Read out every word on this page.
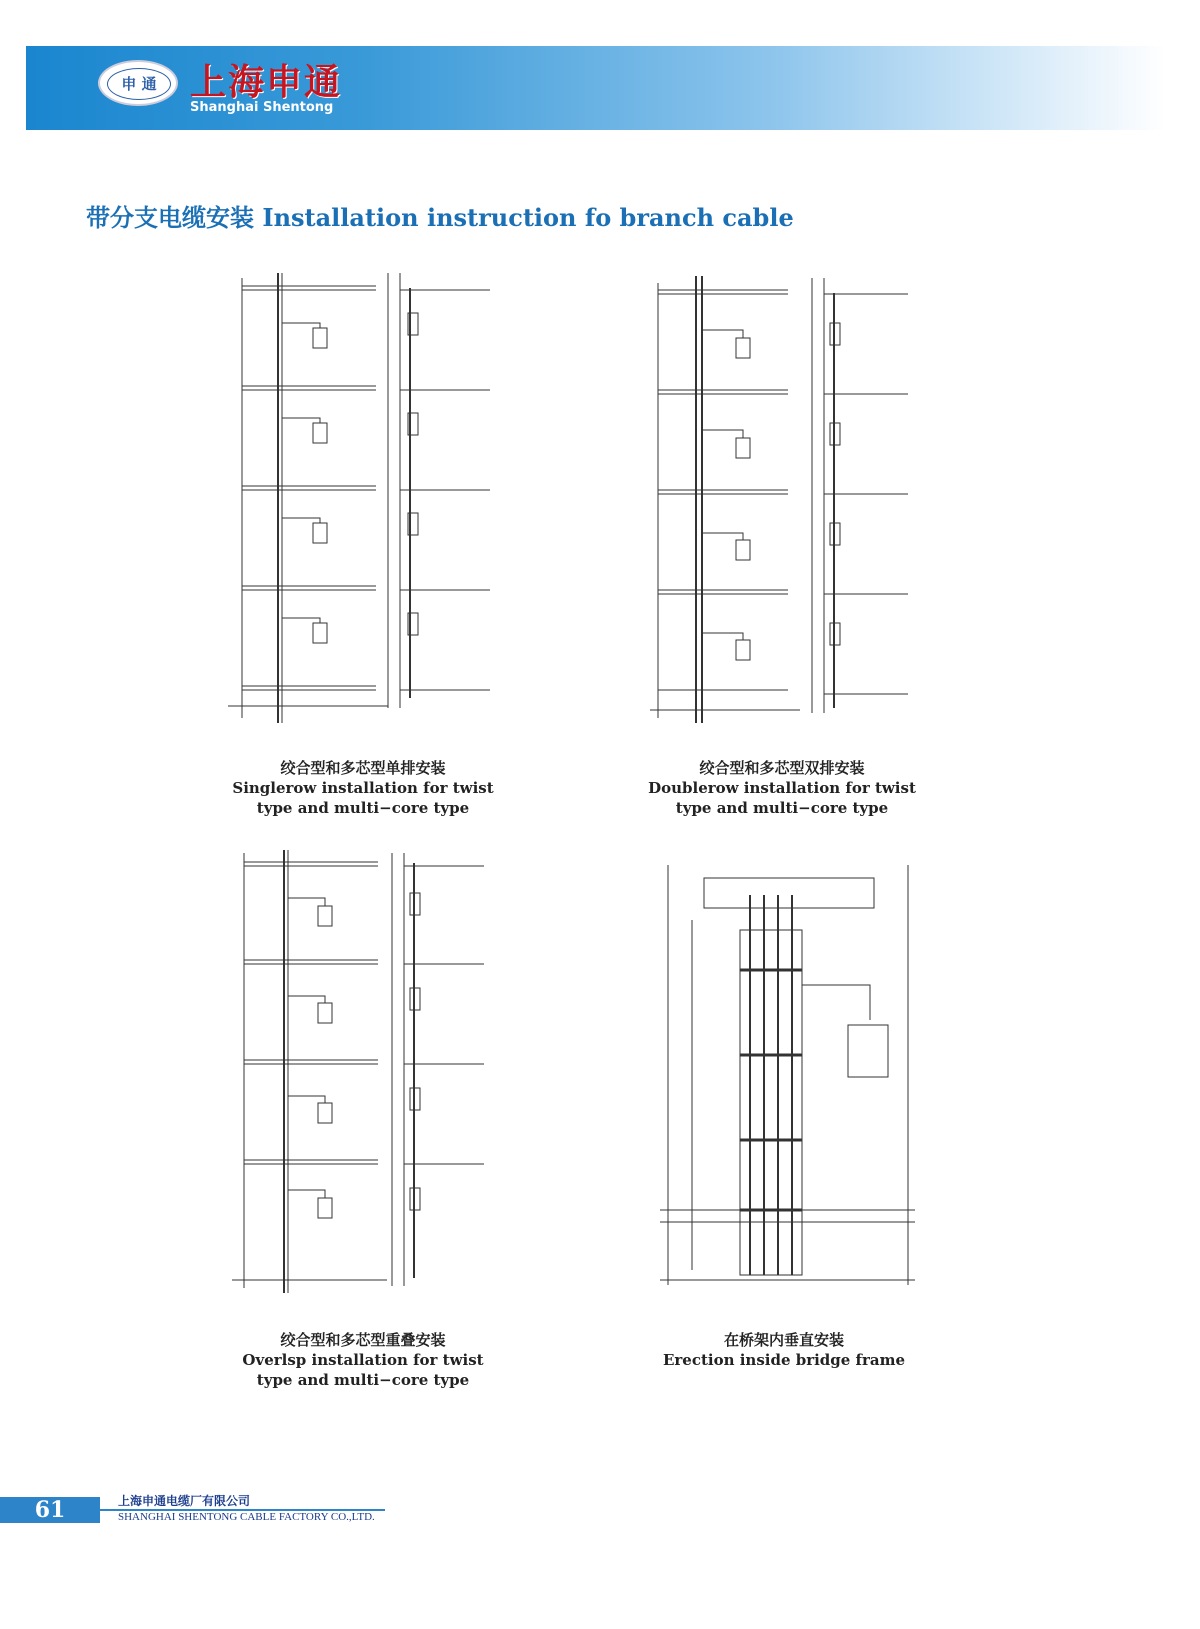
申 通 上海申通
Shanghai Shentong
带分支电缆安装 Installation instruction fo branch cable
绞合型和多芯型单排安装
Singlerow installation for twist
type and multi−core type
绞合型和多芯型双排安装
Doublerow installation for twist
type and multi−core type
绞合型和多芯型重叠安装
Overlsp installation for twist
type and multi−core type
在桥架内垂直安装
Erection inside bridge frame
61	上海申通电缆厂有限公司
SHANGHAI SHENTONG CABLE FACTORY CO.,LTD.
